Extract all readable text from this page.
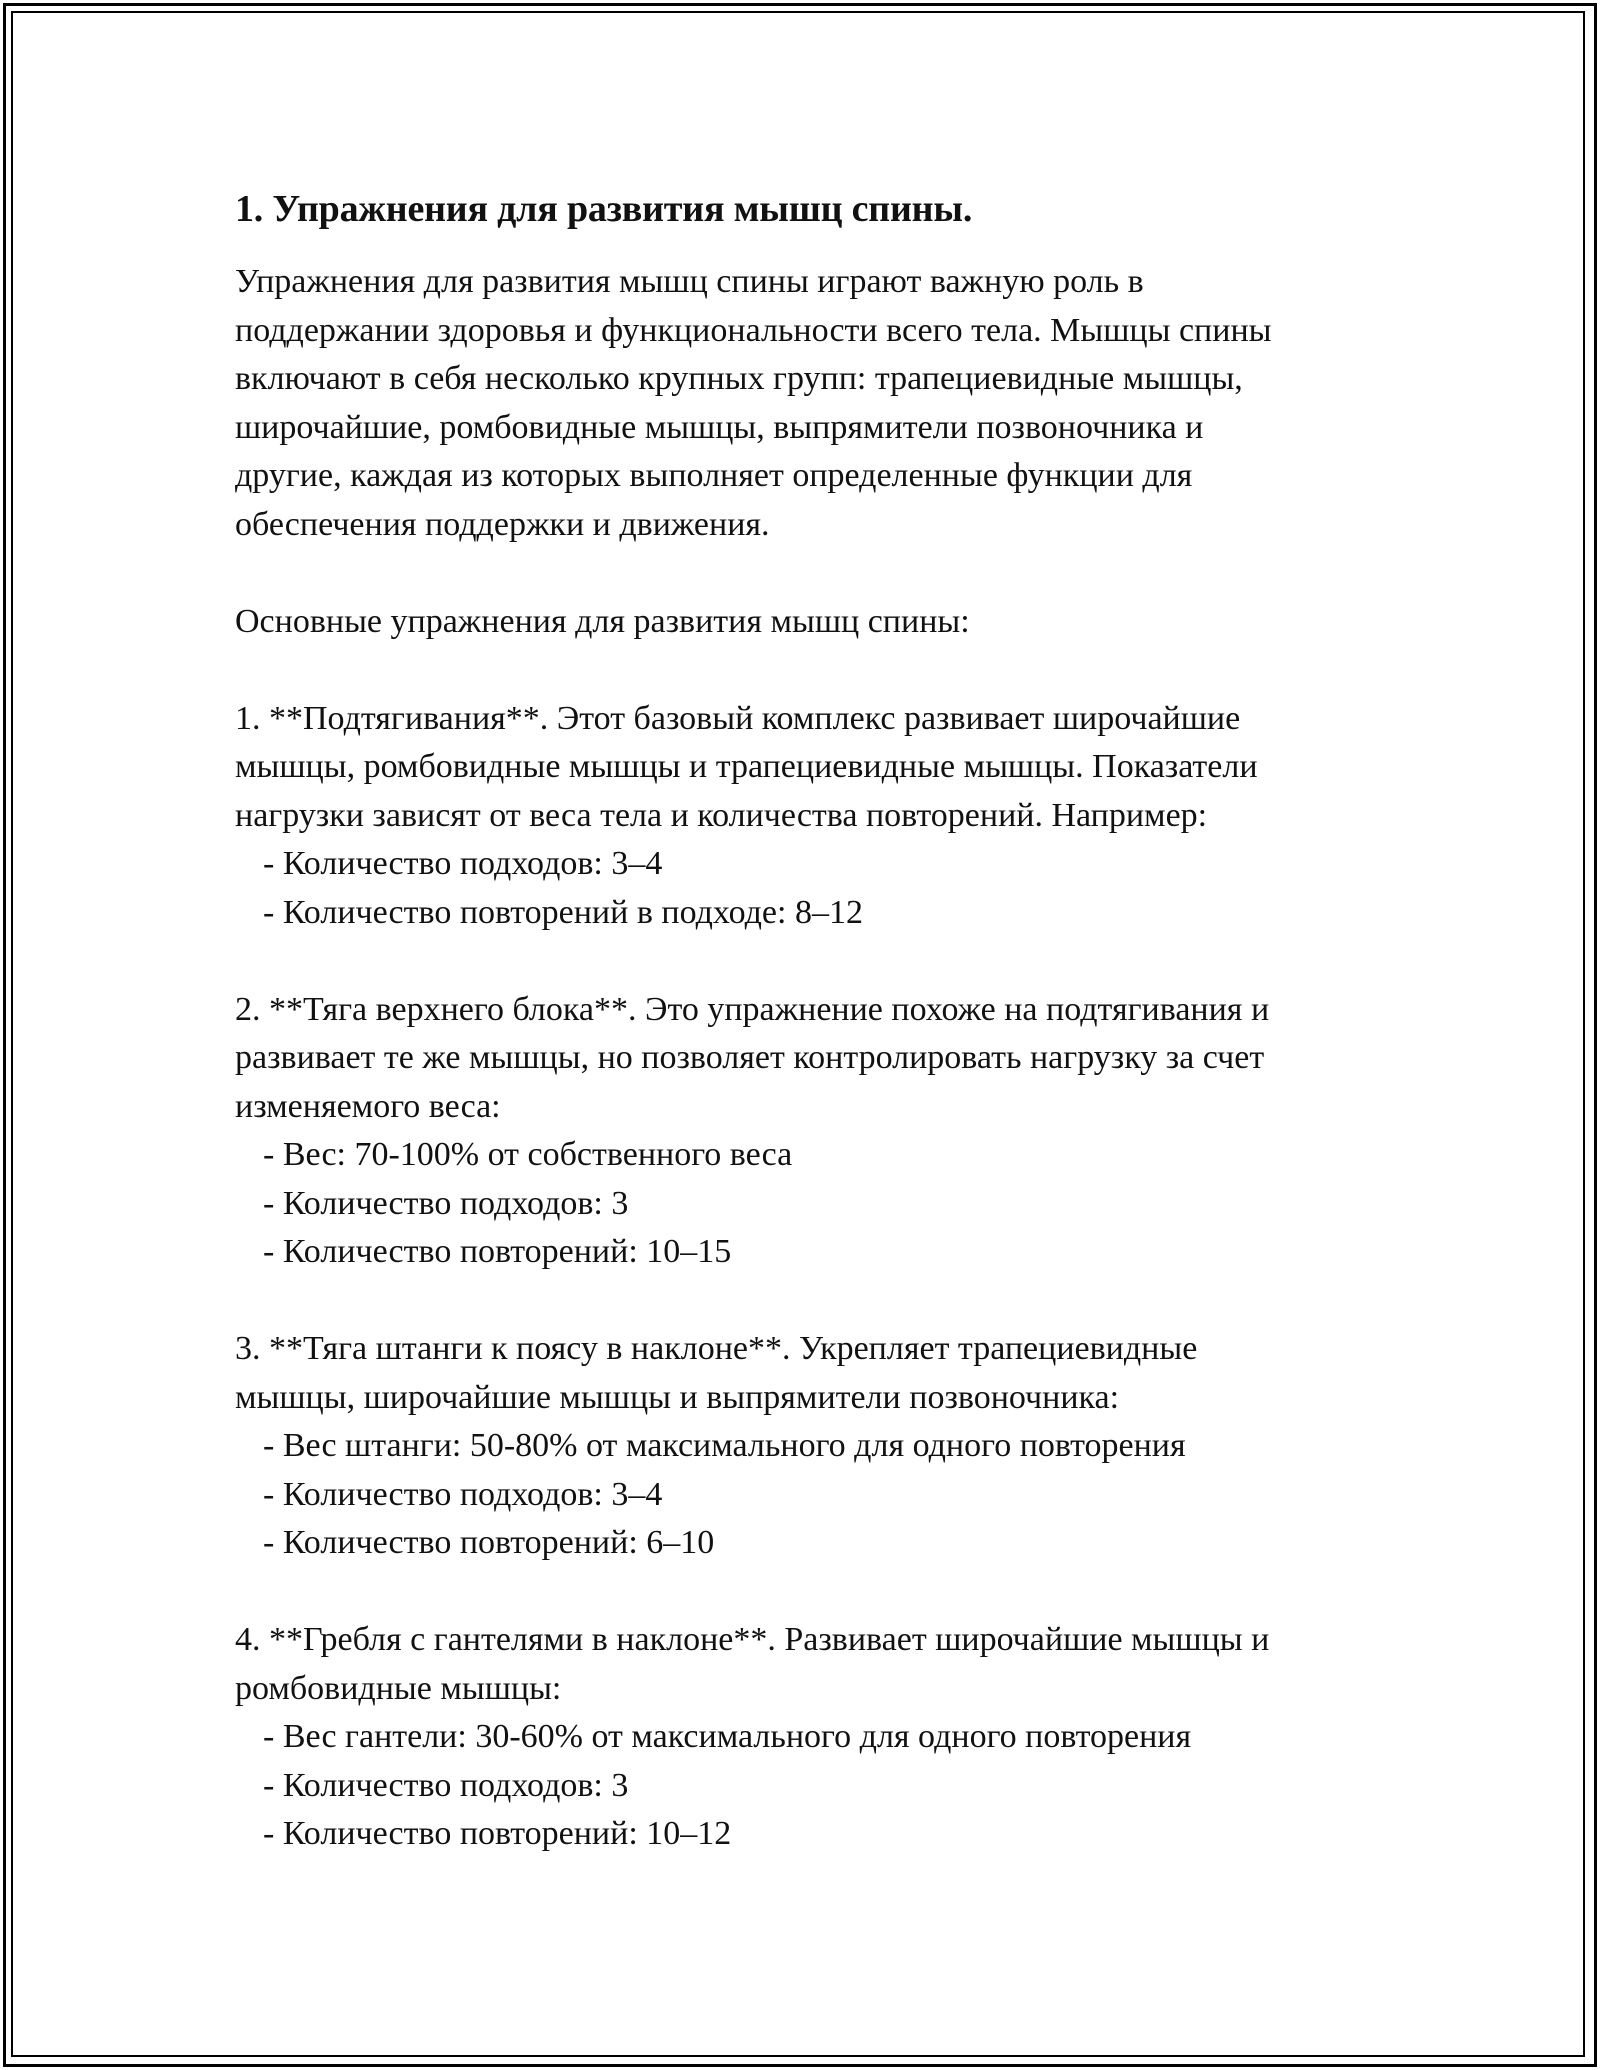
1. Упражнения для развития мышц спины.
Упражнения для развития мышц спины играют важную роль в
поддержании здоровья и функциональности всего тела. Мышцы спины
включают в себя несколько крупных групп: трапециевидные мышцы,
широчайшие, ромбовидные мышцы, выпрямители позвоночника и
другие, каждая из которых выполняет определенные функции для
обеспечения поддержки и движения.
Основные упражнения для развития мышц спины:
1. **Подтягивания**. Этот базовый комплекс развивает широчайшие
мышцы, ромбовидные мышцы и трапециевидные мышцы. Показатели
нагрузки зависят от веса тела и количества повторений. Например:
- Количество подходов: 3–4
- Количество повторений в подходе: 8–12
2. **Тяга верхнего блока**. Это упражнение похоже на подтягивания и
развивает те же мышцы, но позволяет контролировать нагрузку за счет
изменяемого веса:
- Вес: 70-100% от собственного веса
- Количество подходов: 3
- Количество повторений: 10–15
3. **Тяга штанги к поясу в наклоне**. Укрепляет трапециевидные
мышцы, широчайшие мышцы и выпрямители позвоночника:
- Вес штанги: 50-80% от максимального для одного повторения
- Количество подходов: 3–4
- Количество повторений: 6–10
4. **Гребля с гантелями в наклоне**. Развивает широчайшие мышцы и
ромбовидные мышцы:
- Вес гантели: 30-60% от максимального для одного повторения
- Количество подходов: 3
- Количество повторений: 10–12
